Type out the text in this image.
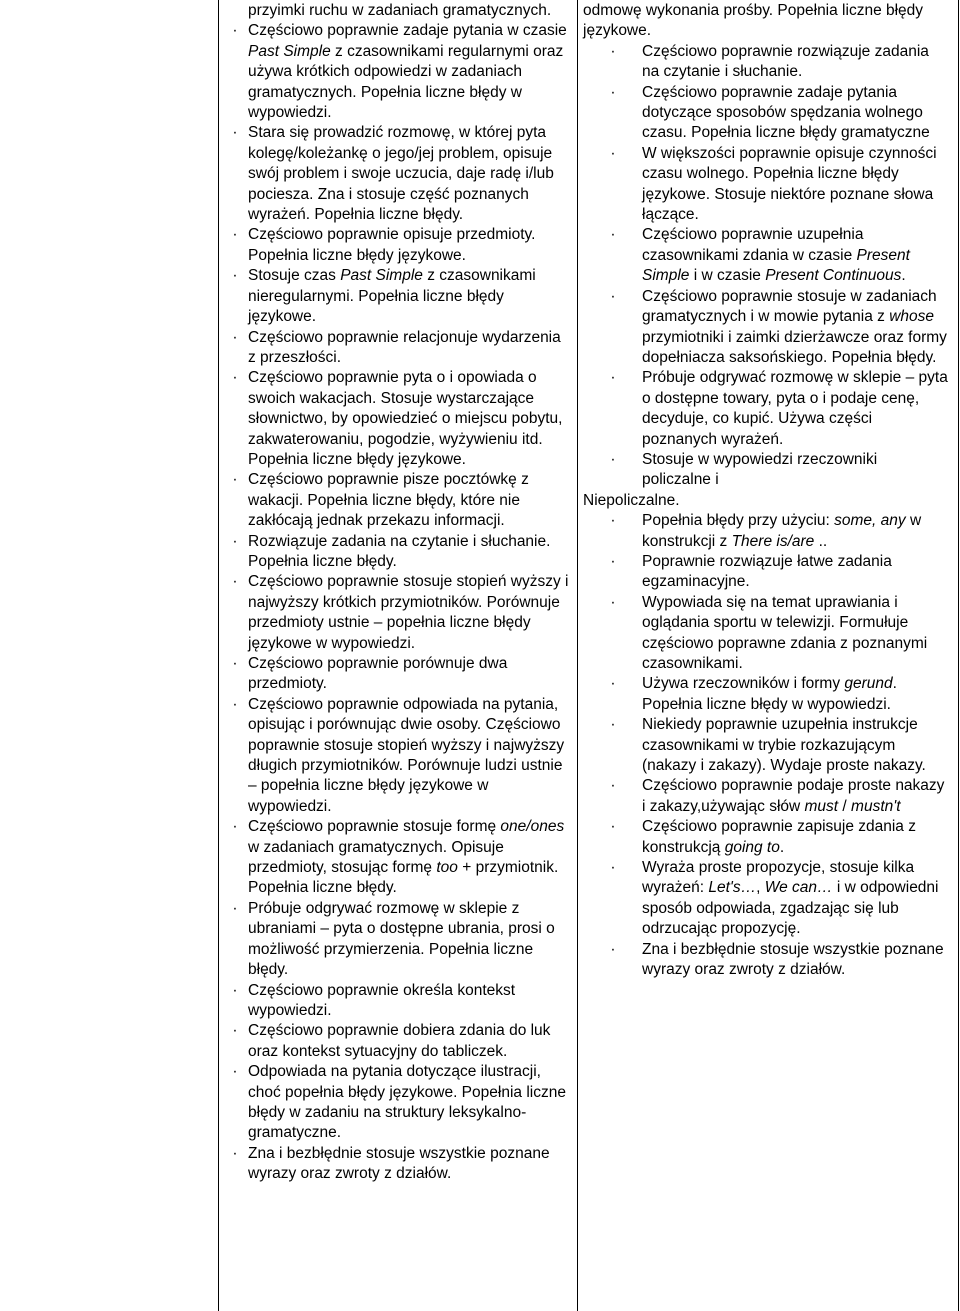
przyimki ruchu w zadaniach gramatycznych.
· Częściowo poprawnie zadaje pytania w czasie Past Simple z czasownikami regularnymi oraz używa krótkich odpowiedzi w zadaniach gramatycznych. Popełnia liczne błędy w wypowiedzi.
· Stara się prowadzić rozmowę, w której pyta kolegę/koleżankę o jego/jej problem, opisuje swój problem i swoje uczucia, daje radę i/lub pociesza. Zna i stosuje część poznanych wyrażeń. Popełnia liczne błędy.
· Częściowo poprawnie opisuje przedmioty. Popełnia liczne błędy językowe.
· Stosuje czas Past Simple z czasownikami nieregularnymi. Popełnia liczne błędy językowe.
· Częściowo poprawnie relacjonuje wydarzenia z przeszłości.
· Częściowo poprawnie pyta o i opowiada o swoich wakacjach. Stosuje wystarczające słownictwo, by opowiedzieć o miejscu pobytu, zakwaterowaniu, pogodzie, wyżywieniu itd. Popełnia liczne błędy językowe.
· Częściowo poprawnie pisze pocztówkę z wakacji. Popełnia liczne błędy, które nie zakłócają jednak przekazu informacji.
· Rozwiązuje zadania na czytanie i słuchanie. Popełnia liczne błędy.
· Częściowo poprawnie stosuje stopień wyższy i najwyższy krótkich przymiotników. Porównuje przedmioty ustnie – popełnia liczne błędy językowe w wypowiedzi.
· Częściowo poprawnie porównuje dwa przedmioty.
· Częściowo poprawnie odpowiada na pytania, opisując i porównując dwie osoby. Częściowo poprawnie stosuje stopień wyższy i najwyższy długich przymiotników. Porównuje ludzi ustnie – popełnia liczne błędy językowe w wypowiedzi.
· Częściowo poprawnie stosuje formę one/ones w zadaniach gramatycznych. Opisuje przedmioty, stosując formę too + przymiotnik. Popełnia liczne błędy.
· Próbuje odgrywać rozmowę w sklepie z ubraniami – pyta o dostępne ubrania, prosi o możliwość przymierzenia. Popełnia liczne błędy.
· Częściowo poprawnie określa kontekst wypowiedzi.
· Częściowo poprawnie dobiera zdania do luk oraz kontekst sytuacyjny do tabliczek.
· Odpowiada na pytania dotyczące ilustracji, choć popełnia błędy językowe. Popełnia liczne błędy w zadaniu na struktury leksykalno-gramatyczne.
· Zna i bezbłędnie stosuje wszystkie poznane wyrazy oraz zwroty z działów.
odmowę wykonania prośby. Popełnia liczne błędy językowe.
· Częściowo poprawnie rozwiązuje zadania na czytanie i słuchanie.
· Częściowo poprawnie zadaje pytania dotyczące sposobów spędzania wolnego czasu. Popełnia liczne błędy gramatyczne
· W większości poprawnie opisuje czynności czasu wolnego. Popełnia liczne błędy językowe. Stosuje niektóre poznane słowa łączące.
· Częściowo poprawnie uzupełnia czasownikami zdania w czasie Present Simple i w czasie Present Continuous.
· Częściowo poprawnie stosuje w zadaniach gramatycznych i w mowie pytania z whose przymiotniki i zaimki dzierżawcze oraz formy dopełniacza saksońskiego. Popełnia błędy.
· Próbuje odgrywać rozmowę w sklepie – pyta o dostępne towary, pyta o i podaje cenę, decyduje, co kupić. Używa części poznanych wyrażeń.
· Stosuje w wypowiedzi rzeczowniki policzalne i
Niepoliczalne.
· Popełnia błędy przy użyciu: some, any w konstrukcji z There is/are ..
· Poprawnie rozwiązuje łatwe zadania egzaminacyjne.
· Wypowiada się na temat uprawiania i oglądania sportu w telewizji. Formułuje częściowo poprawne zdania z poznanymi czasownikami.
· Używa rzeczowników i formy gerund. Popełnia liczne błędy w wypowiedzi.
· Niekiedy poprawnie uzupełnia instrukcje czasownikami w trybie rozkazującym (nakazy i zakazy). Wydaje proste nakazy.
· Częściowo poprawnie podaje proste nakazy i zakazy,używając słów must / mustn't
· Częściowo poprawnie zapisuje zdania z konstrukcją going to.
· Wyraża proste propozycje, stosuje kilka wyrażeń: Let's…, We can… i w odpowiedni sposób odpowiada, zgadzając się lub odrzucając propozycję.
· Zna i bezbłędnie stosuje wszystkie poznane wyrazy oraz zwroty z działów.
